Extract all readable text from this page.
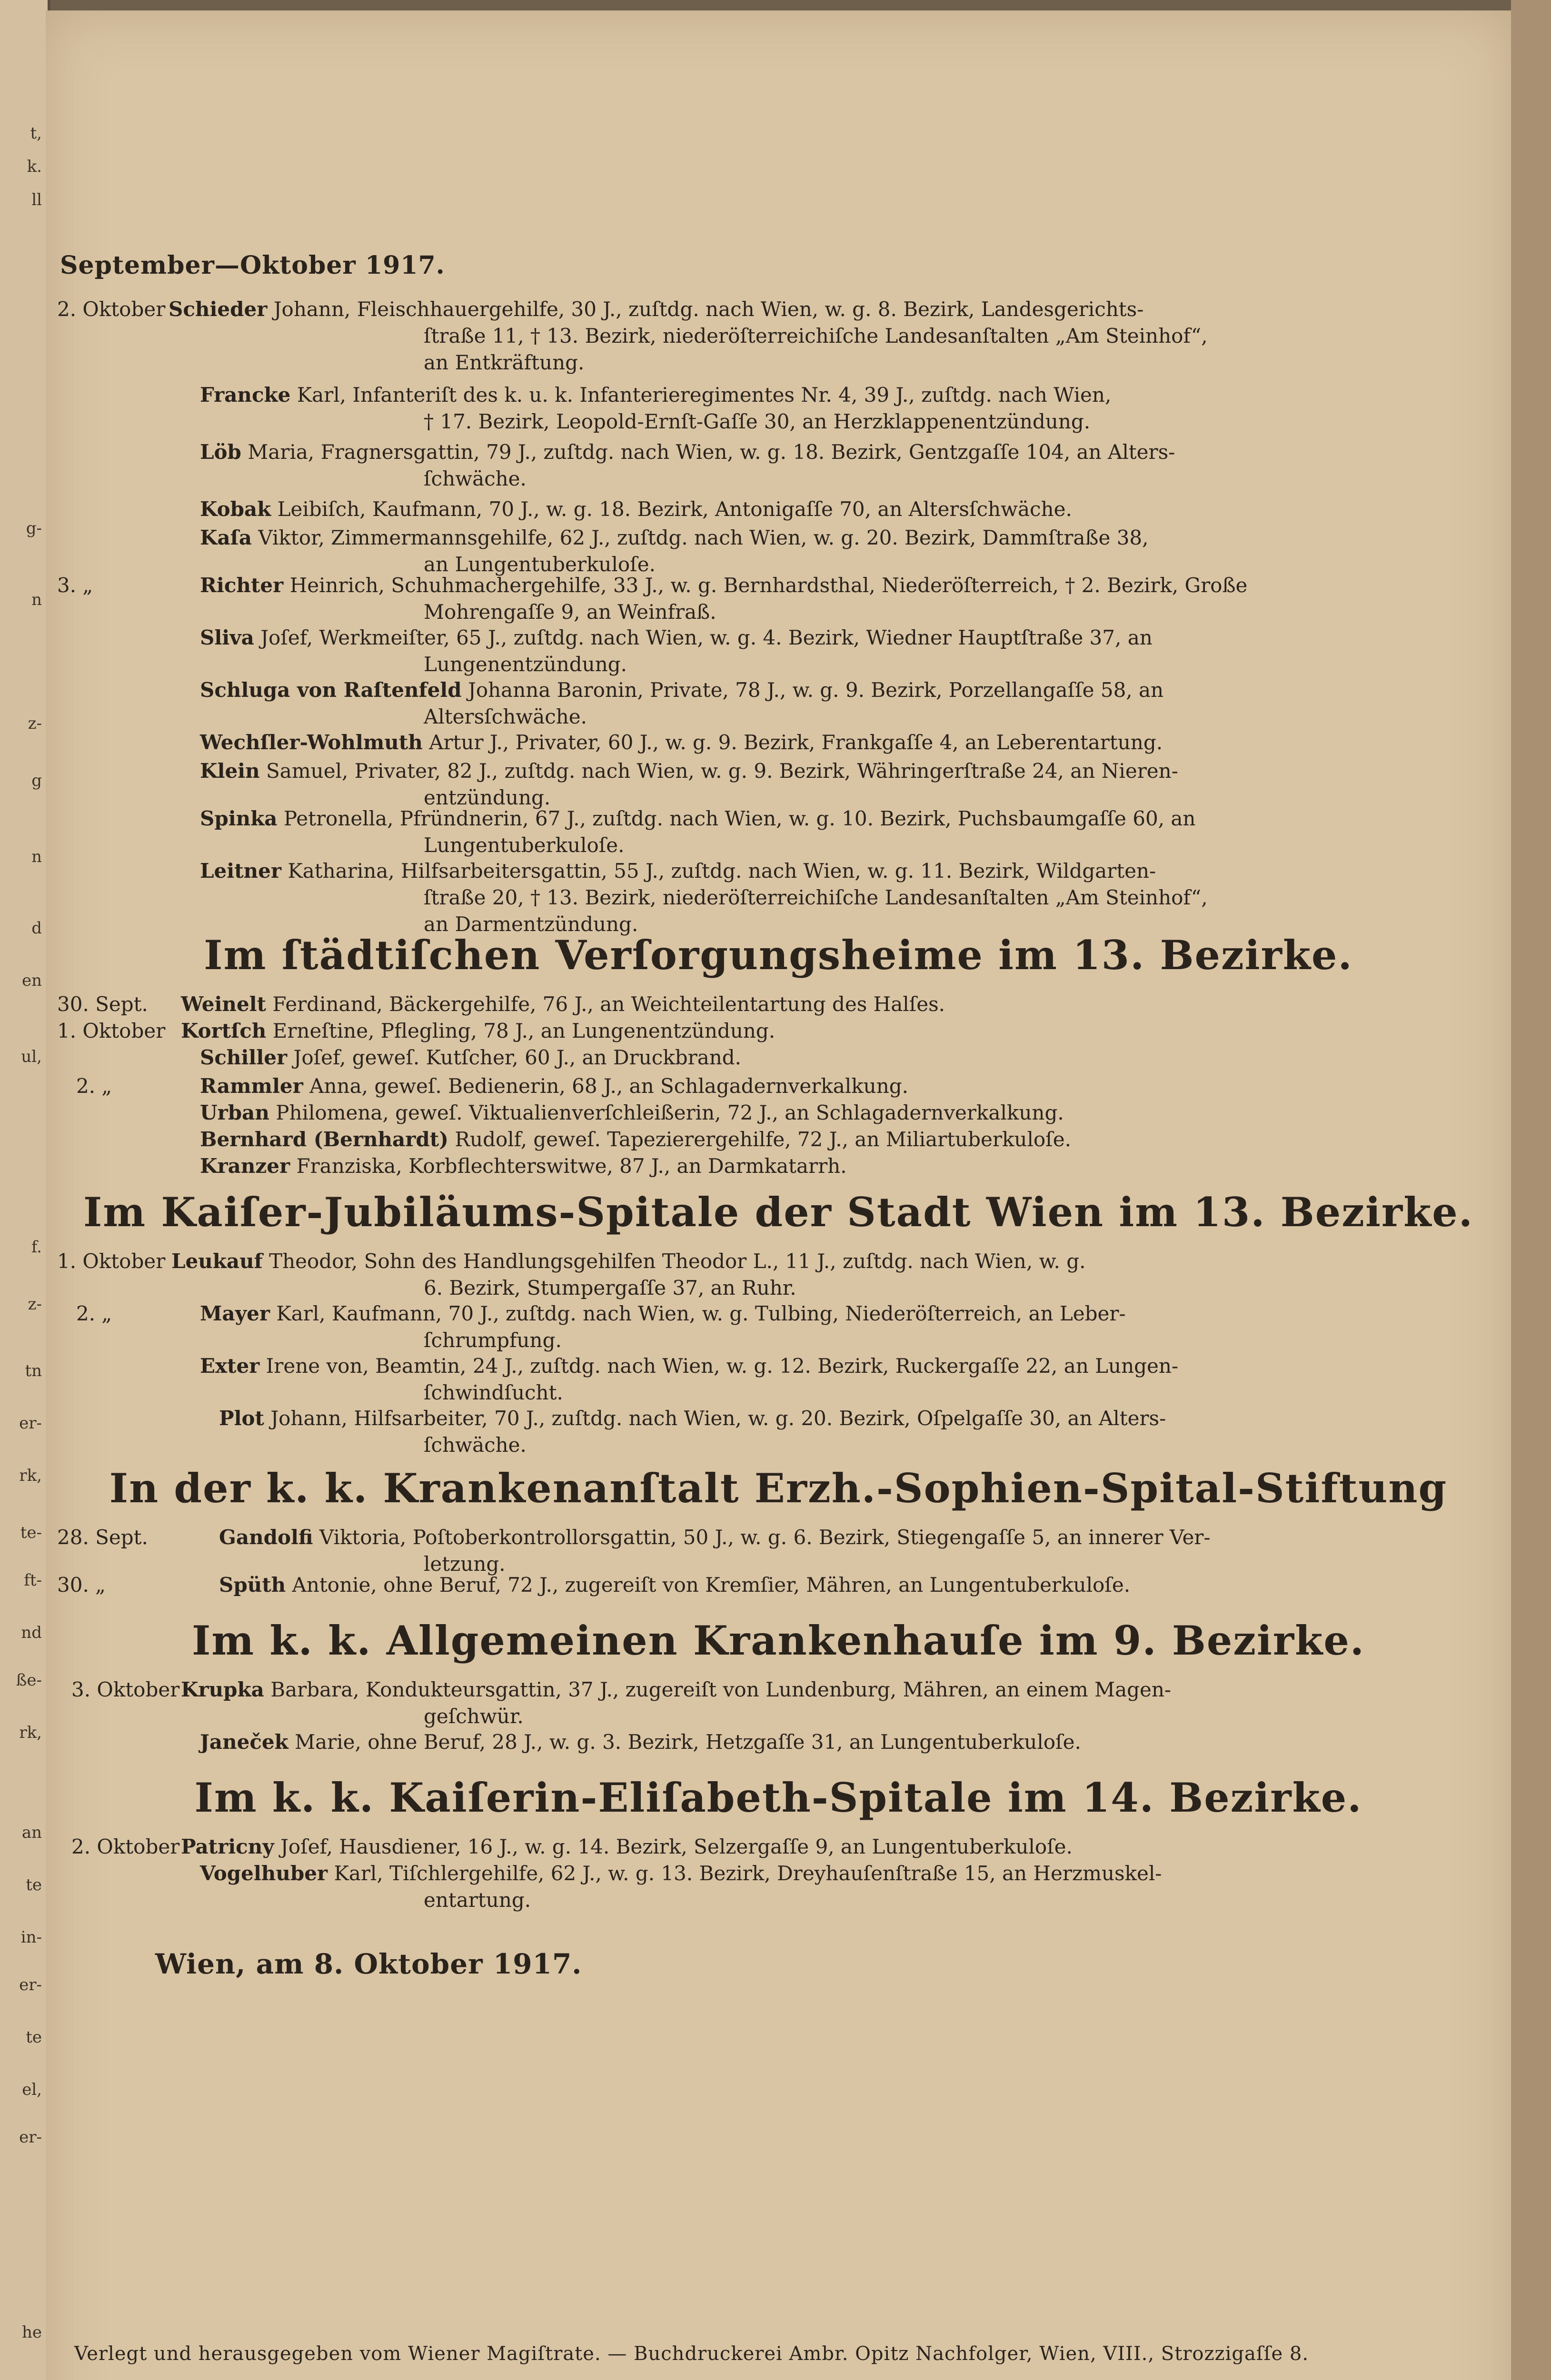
t,
k.
ll
g-
n
z-
g
n
d
en
ul,
f.
z-
tn
er-
rk,
te-
ft-
nd
ße-
rk,
an
te
in-
er-
te
el,
er-
he
September—Oktober 1917.
2. Oktober Schieder Johann, Fleischhauergehilfe, 30 J., zuſtdg. nach Wien, w. g. 8. Bezirk, Landesgerichts-
ſtraße 11, † 13. Bezirk, niederöſterreichiſche Landesanſtalten „Am Steinhof“,
an Entkräftung.
Francke Karl, Infanteriſt des k. u. k. Infanterieregimentes Nr. 4, 39 J., zuſtdg. nach Wien,
† 17. Bezirk, Leopold-Ernſt-Gaſſe 30, an Herzklappenentzündung.
Löb Maria, Fragnersgattin, 79 J., zuſtdg. nach Wien, w. g. 18. Bezirk, Gentzgaſſe 104, an Alters-
ſchwäche.
Kobak Leibiſch, Kaufmann, 70 J., w. g. 18. Bezirk, Antonigaſſe 70, an Altersſchwäche.
Kaſa Viktor, Zimmermannsgehilfe, 62 J., zuſtdg. nach Wien, w. g. 20. Bezirk, Dammſtraße 38,
an Lungentuberkuloſe.
3. „	Richter Heinrich, Schuhmachergehilfe, 33 J., w. g. Bernhardsthal, Niederöſterreich, † 2. Bezirk, Große
Mohrengaſſe 9, an Weinfraß.
Sliva Joſef, Werkmeiſter, 65 J., zuſtdg. nach Wien, w. g. 4. Bezirk, Wiedner Hauptſtraße 37, an
Lungenentzündung.
Schluga von Raſtenfeld Johanna Baronin, Private, 78 J., w. g. 9. Bezirk, Porzellangaſſe 58, an
Altersſchwäche.
Wechſler-Wohlmuth Artur J., Privater, 60 J., w. g. 9. Bezirk, Frankgaſſe 4, an Leberentartung.
Klein Samuel, Privater, 82 J., zuſtdg. nach Wien, w. g. 9. Bezirk, Währingerſtraße 24, an Nieren-
entzündung.
Spinka Petronella, Pfründnerin, 67 J., zuſtdg. nach Wien, w. g. 10. Bezirk, Puchsbaumgaſſe 60, an
Lungentuberkuloſe.
Leitner Katharina, Hilfsarbeitersgattin, 55 J., zuſtdg. nach Wien, w. g. 11. Bezirk, Wildgarten-
ſtraße 20, † 13. Bezirk, niederöſterreichiſche Landesanſtalten „Am Steinhof“,
an Darmentzündung.
Im ſtädtiſchen Verſorgungsheime im 13. Bezirke.
30. Sept.	Weinelt Ferdinand, Bäckergehilfe, 76 J., an Weichteilentartung des Halſes.
1. Oktober Kortſch Erneſtine, Pflegling, 78 J., an Lungenentzündung.
Schiller Joſef, geweſ. Kutſcher, 60 J., an Druckbrand.
2. „	Rammler Anna, geweſ. Bedienerin, 68 J., an Schlagadernverkalkung.
Urban Philomena, geweſ. Viktualienverſchleißerin, 72 J., an Schlagadernverkalkung.
Bernhard (Bernhardt) Rudolf, geweſ. Tapezierergehilfe, 72 J., an Miliartuberkuloſe.
Kranzer Franziska, Korbflechterswitwe, 87 J., an Darmkatarrh.
Im Kaiſer-Jubiläums-Spitale der Stadt Wien im 13. Bezirke.
1. Oktober Leukauf Theodor, Sohn des Handlungsgehilfen Theodor L., 11 J., zuſtdg. nach Wien, w. g.
6. Bezirk, Stumpergaſſe 37, an Ruhr.
2. „	Mayer Karl, Kaufmann, 70 J., zuſtdg. nach Wien, w. g. Tulbing, Niederöſterreich, an Leber-
ſchrumpfung.
Exter Irene von, Beamtin, 24 J., zuſtdg. nach Wien, w. g. 12. Bezirk, Ruckergaſſe 22, an Lungen-
ſchwindſucht.
Plot Johann, Hilfsarbeiter, 70 J., zuſtdg. nach Wien, w. g. 20. Bezirk, Oſpelgaſſe 30, an Alters-
ſchwäche.
In der k. k. Krankenanſtalt Erzh.-Sophien-Spital-Stiftung
28. Sept.	Gandolfi Viktoria, Poſtoberkontrollorsgattin, 50 J., w. g. 6. Bezirk, Stiegengaſſe 5, an innerer Ver-
letzung.
30. „	Spüth Antonie, ohne Beruf, 72 J., zugereiſt von Kremſier, Mähren, an Lungentuberkuloſe.
Im k. k. Allgemeinen Krankenhauſe im 9. Bezirke.
3. Oktober Krupka Barbara, Kondukteursgattin, 37 J., zugereiſt von Lundenburg, Mähren, an einem Magen-
geſchwür.
Janeček Marie, ohne Beruf, 28 J., w. g. 3. Bezirk, Hetzgaſſe 31, an Lungentuberkuloſe.
Im k. k. Kaiſerin-Eliſabeth-Spitale im 14. Bezirke.
2. Oktober Patricny Joſef, Hausdiener, 16 J., w. g. 14. Bezirk, Selzergaſſe 9, an Lungentuberkuloſe.
Vogelhuber Karl, Tiſchlergehilfe, 62 J., w. g. 13. Bezirk, Dreyhauſenſtraße 15, an Herzmuskel-
entartung.
Wien, am 8. Oktober 1917.
Verlegt und herausgegeben vom Wiener Magiſtrate. — Buchdruckerei Ambr. Opitz Nachfolger, Wien, VIII., Strozzigaſſe 8.
